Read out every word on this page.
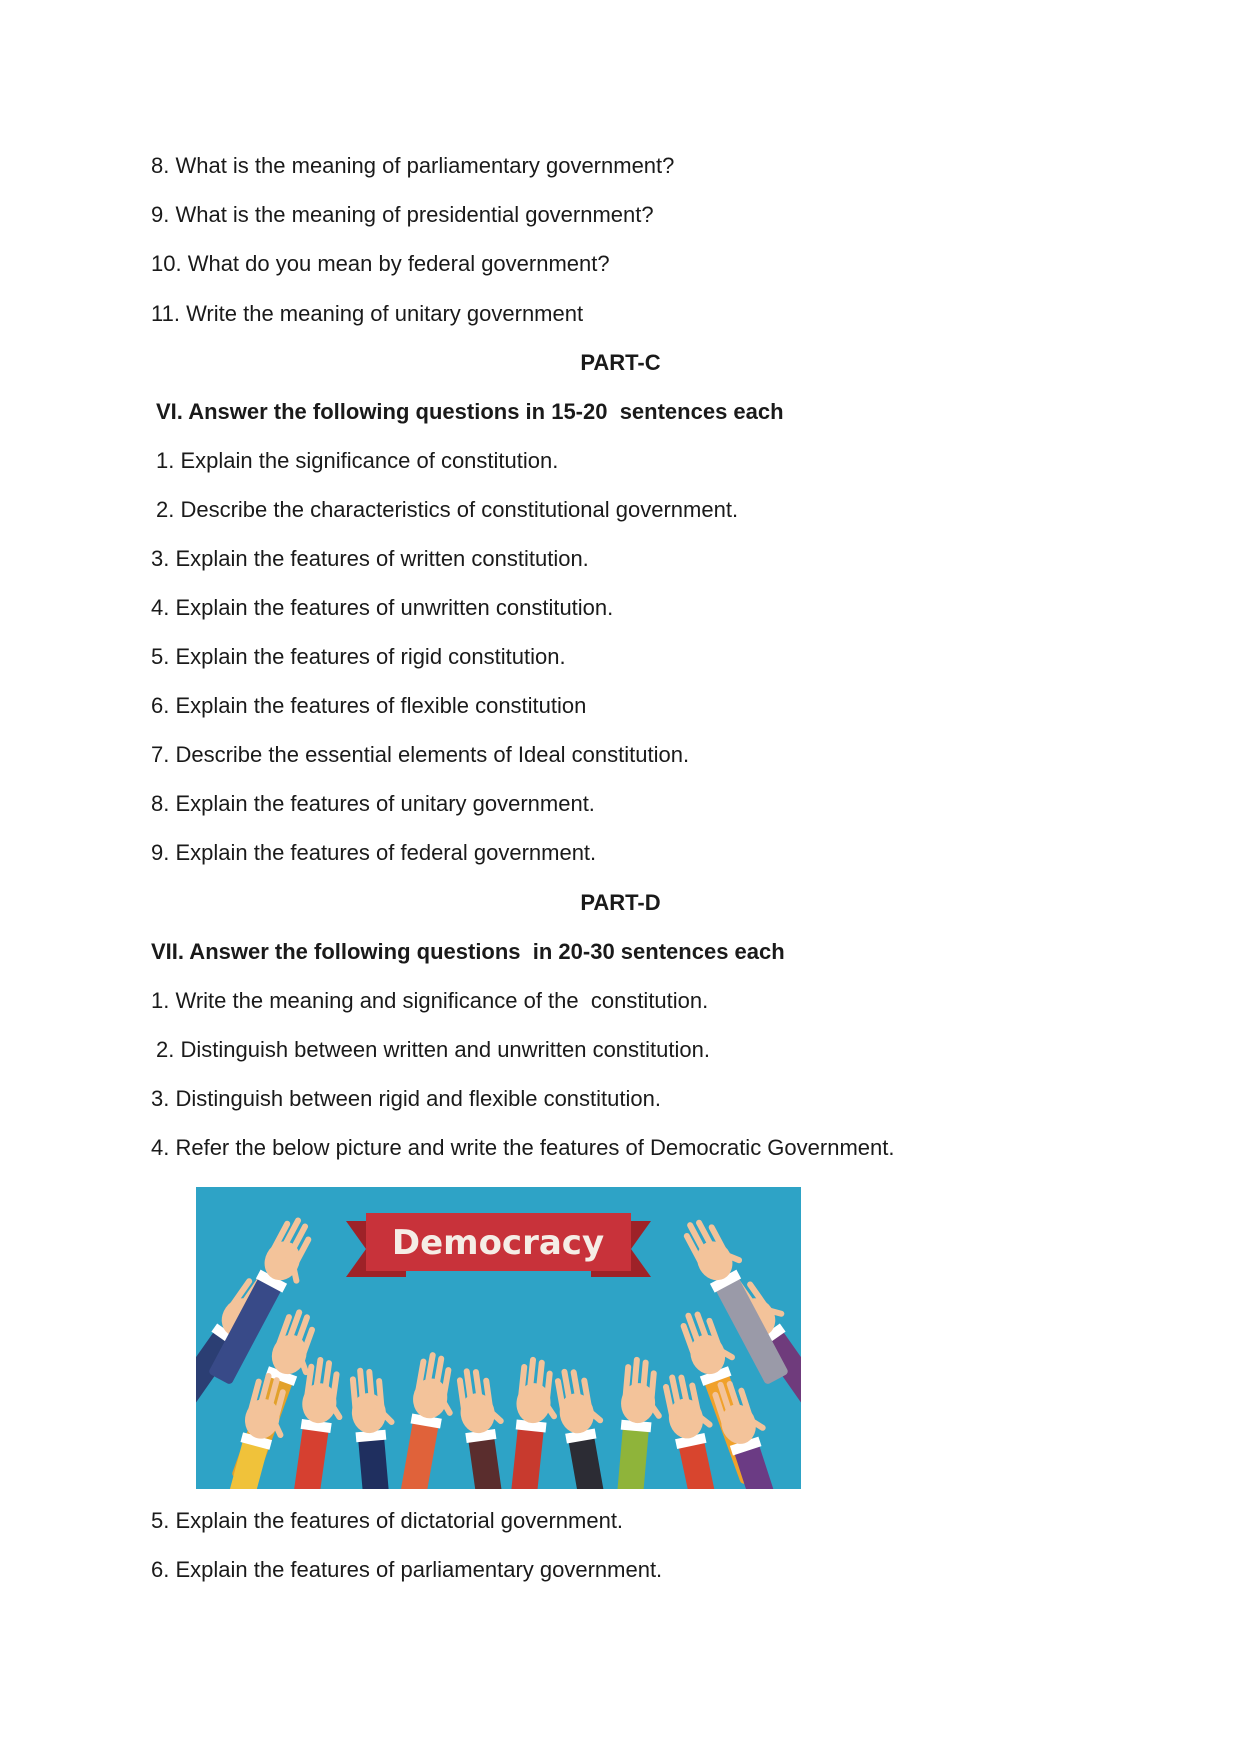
8. What is the meaning of parliamentary government?
9. What is the meaning of presidential government?
10. What do you mean by federal government?
11. Write the meaning of unitary government
PART-C
VI. Answer the following questions in 15-20  sentences each
1. Explain the significance of constitution.
2. Describe the characteristics of constitutional government.
3. Explain the features of written constitution.
4. Explain the features of unwritten constitution.
5. Explain the features of rigid constitution.
6. Explain the features of flexible constitution
7. Describe the essential elements of Ideal constitution.
8. Explain the features of unitary government.
9. Explain the features of federal government.
PART-D
VII. Answer the following questions  in 20-30 sentences each
1. Write the meaning and significance of the  constitution.
2. Distinguish between written and unwritten constitution.
3. Distinguish between rigid and flexible constitution.
4. Refer the below picture and write the features of Democratic Government.
Democracy
5. Explain the features of dictatorial government.
6. Explain the features of parliamentary government.
